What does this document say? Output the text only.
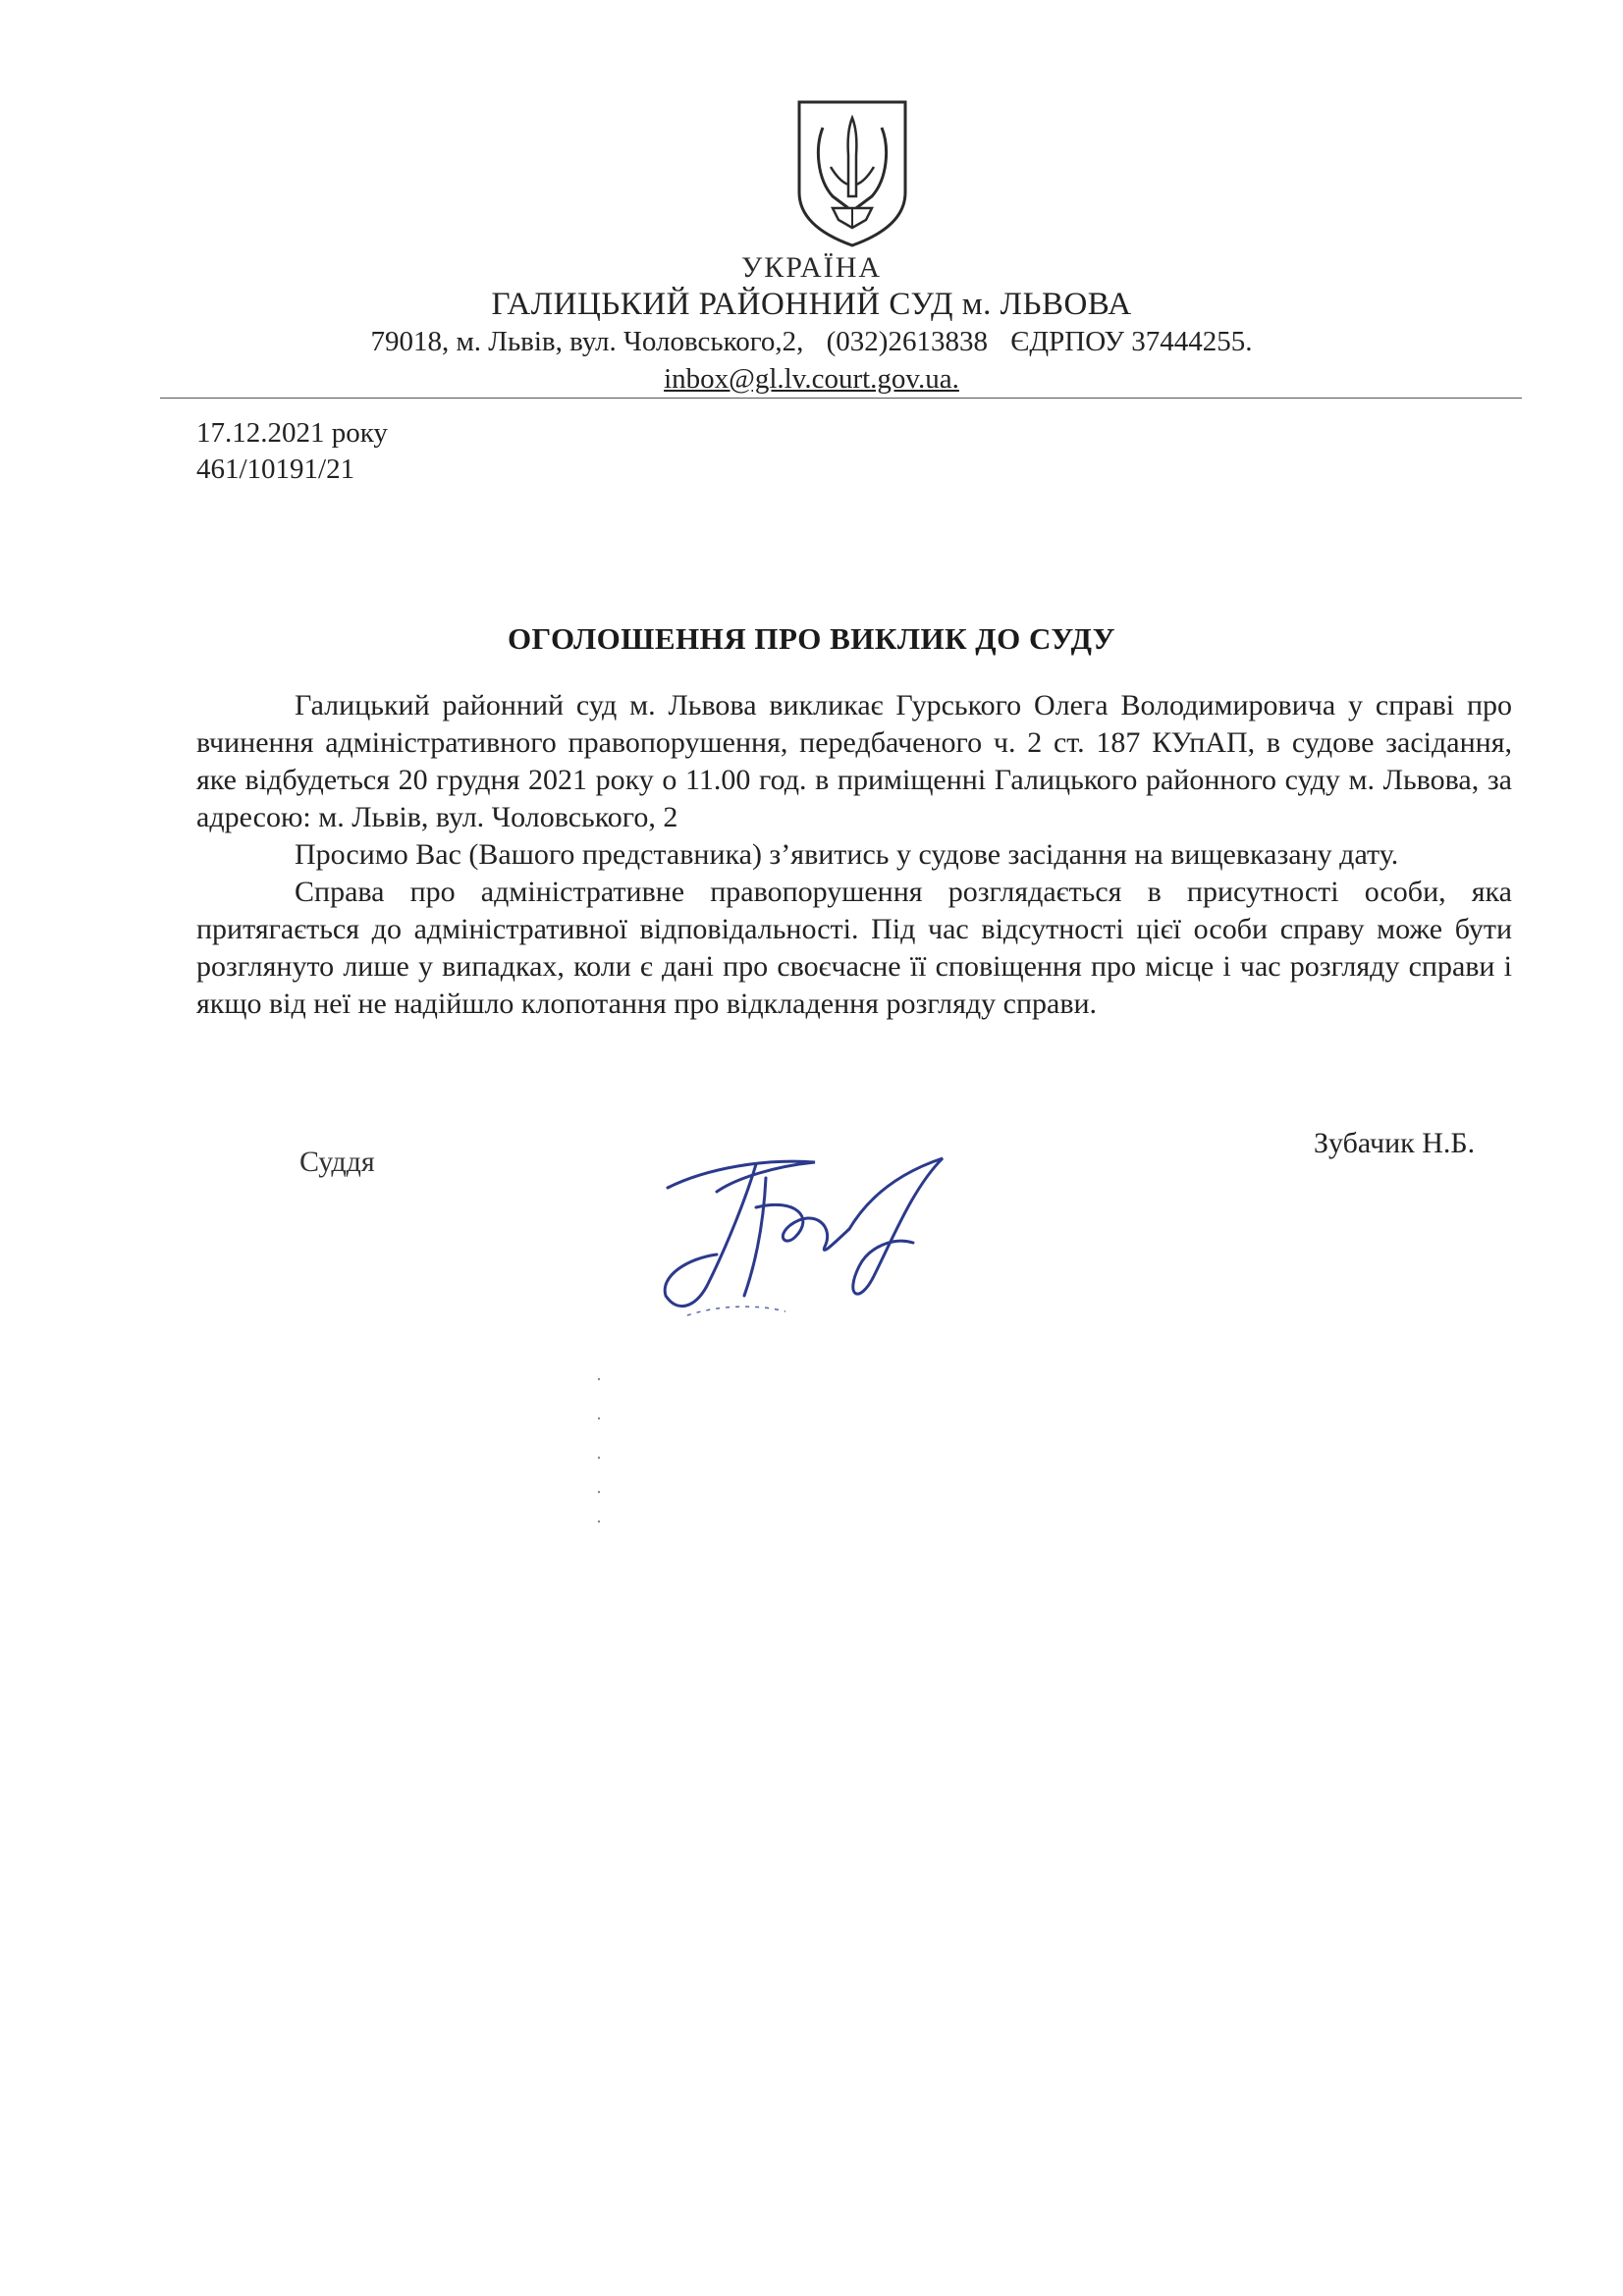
УКРАЇНА
ГАЛИЦЬКИЙ РАЙОННИЙ СУД м. ЛЬВОВА
79018, м. Львів, вул. Чоловського,2, (032)2613838 ЄДРПОУ 37444255.
inbox@gl.lv.court.gov.ua.
17.12.2021 року
461/10191/21
ОГОЛОШЕННЯ ПРО ВИКЛИК ДО СУДУ

Галицький районний суд м. Львова викликає Гурського Олега Володимировича у справі про вчинення адміністративного правопорушення, передбаченого ч. 2 ст. 187 КУпАП, в судове засідання, яке відбудеться 20 грудня 2021 року о 11.00 год. в приміщенні Галицького районного суду м. Львова, за адресою: м. Львів, вул. Чоловського, 2

Просимо Вас (Вашого представника) з’явитись у судове засідання на вищевказану дату.

Справа про адміністративне правопорушення розглядається в присутності особи, яка притягається до адміністративної відповідальності. Під час відсутності цієї особи справу може бути розглянуто лише у випадках, коли є дані про своєчасне її сповіщення про місце і час розгляду справи і якщо від неї не надійшло клопотання про відкладення розгляду справи.

Суддя
Зубачик Н.Б.
